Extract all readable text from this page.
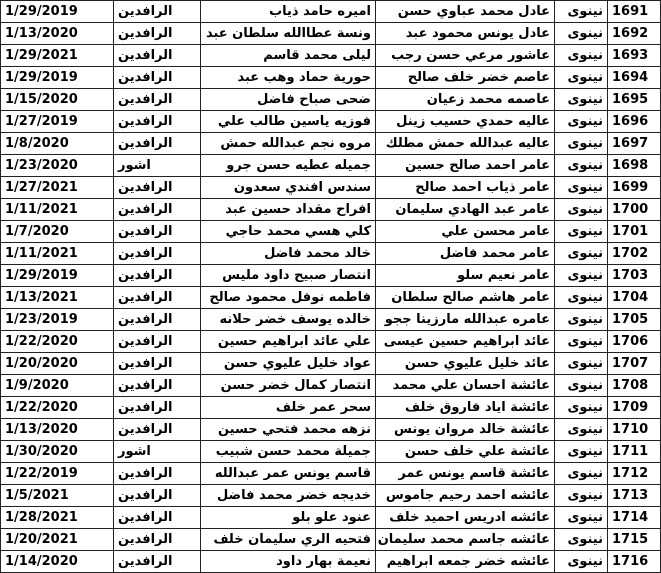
1/29/2019	الرافدين	اميره حامد ذياب	عادل محمد عباوي حسن	نينوى	1691
1/13/2020	الرافدين	ونسة عطاالله سلطان عبد	عادل يونس محمود عبد	نينوى	1692
1/29/2021	الرافدين	ليلى محمد قاسم	عاشور مرعي حسن رجب	نينوى	1693
1/29/2019	الرافدين	حورية حماد وهب عبد	عاصم خضر خلف صالح	نينوى	1694
1/15/2020	الرافدين	ضحى صباح فاضل	عاصمه محمد زعيان	نينوى	1695
1/27/2019	الرافدين	فوزيه ياسين طالب علي	عاليه حمدي حسيب زينل	نينوى	1696
1/8/2020	الرافدين	مروه نجم عبدالله حمش	عاليه عبدالله حمش مطلك	نينوى	1697
1/23/2020	اشور	جميله عطيه حسن جرو	عامر احمد صالح حسين	نينوى	1698
1/27/2021	الرافدين	سندس افندي سعدون	عامر ذياب احمد صالح	نينوى	1699
1/11/2021	الرافدين	افراح مقداد حسين عبد	عامر عبد الهادي سليمان	نينوى	1700
1/7/2020	الرافدين	كلي هسي محمد حاجي	عامر محسن علي	نينوى	1701
1/11/2021	الرافدين	خالد محمد فاضل	عامر محمد فاضل	نينوى	1702
1/29/2019	الرافدين	انتصار صبيح داود مليس	عامر نعيم سلو	نينوى	1703
1/13/2021	الرافدين	فاطمه نوفل محمود صالح	عامر هاشم صالح سلطان	نينوى	1704
1/23/2019	الرافدين	خالده يوسف خضر حلانه	عامره عبدالله مارزينا ججو	نينوى	1705
1/22/2020	الرافدين	علي عائد ابراهيم حسين	عائد ابراهيم حسين عيسى	نينوى	1706
1/20/2020	الرافدين	عواد خليل عليوي حسن	عائد خليل عليوي حسن	نينوى	1707
1/9/2020	الرافدين	انتصار كمال خضر حسن	عائشة احسان علي محمد	نينوى	1708
1/22/2020	الرافدين	سحر عمر خلف	عائشة اياد فاروق خلف	نينوى	1709
1/13/2020	الرافدين	نزهه محمد فتحي حسين	عائشة خالد مروان يونس	نينوى	1710
1/30/2020	اشور	جميلة محمد حسن شبيب	عائشة علي خلف حسن	نينوى	1711
1/22/2019	الرافدين	قاسم يونس عمر عبدالله	عائشة قاسم يونس عمر	نينوى	1712
1/5/2021	الرافدين	خديجه خضر محمد فاضل	عائشه احمد رحيم جاموس	نينوى	1713
1/28/2021	الرافدين	عنود علو بلو	عائشه ادريس احميد خلف	نينوى	1714
1/20/2021	الرافدين	فتحيه الري سليمان خلف	عائشه جاسم محمد سليمان	نينوى	1715
1/14/2020	الرافدين	نعيمة بهار داود	عائشه خضر جمعه ابراهيم	نينوى	1716
